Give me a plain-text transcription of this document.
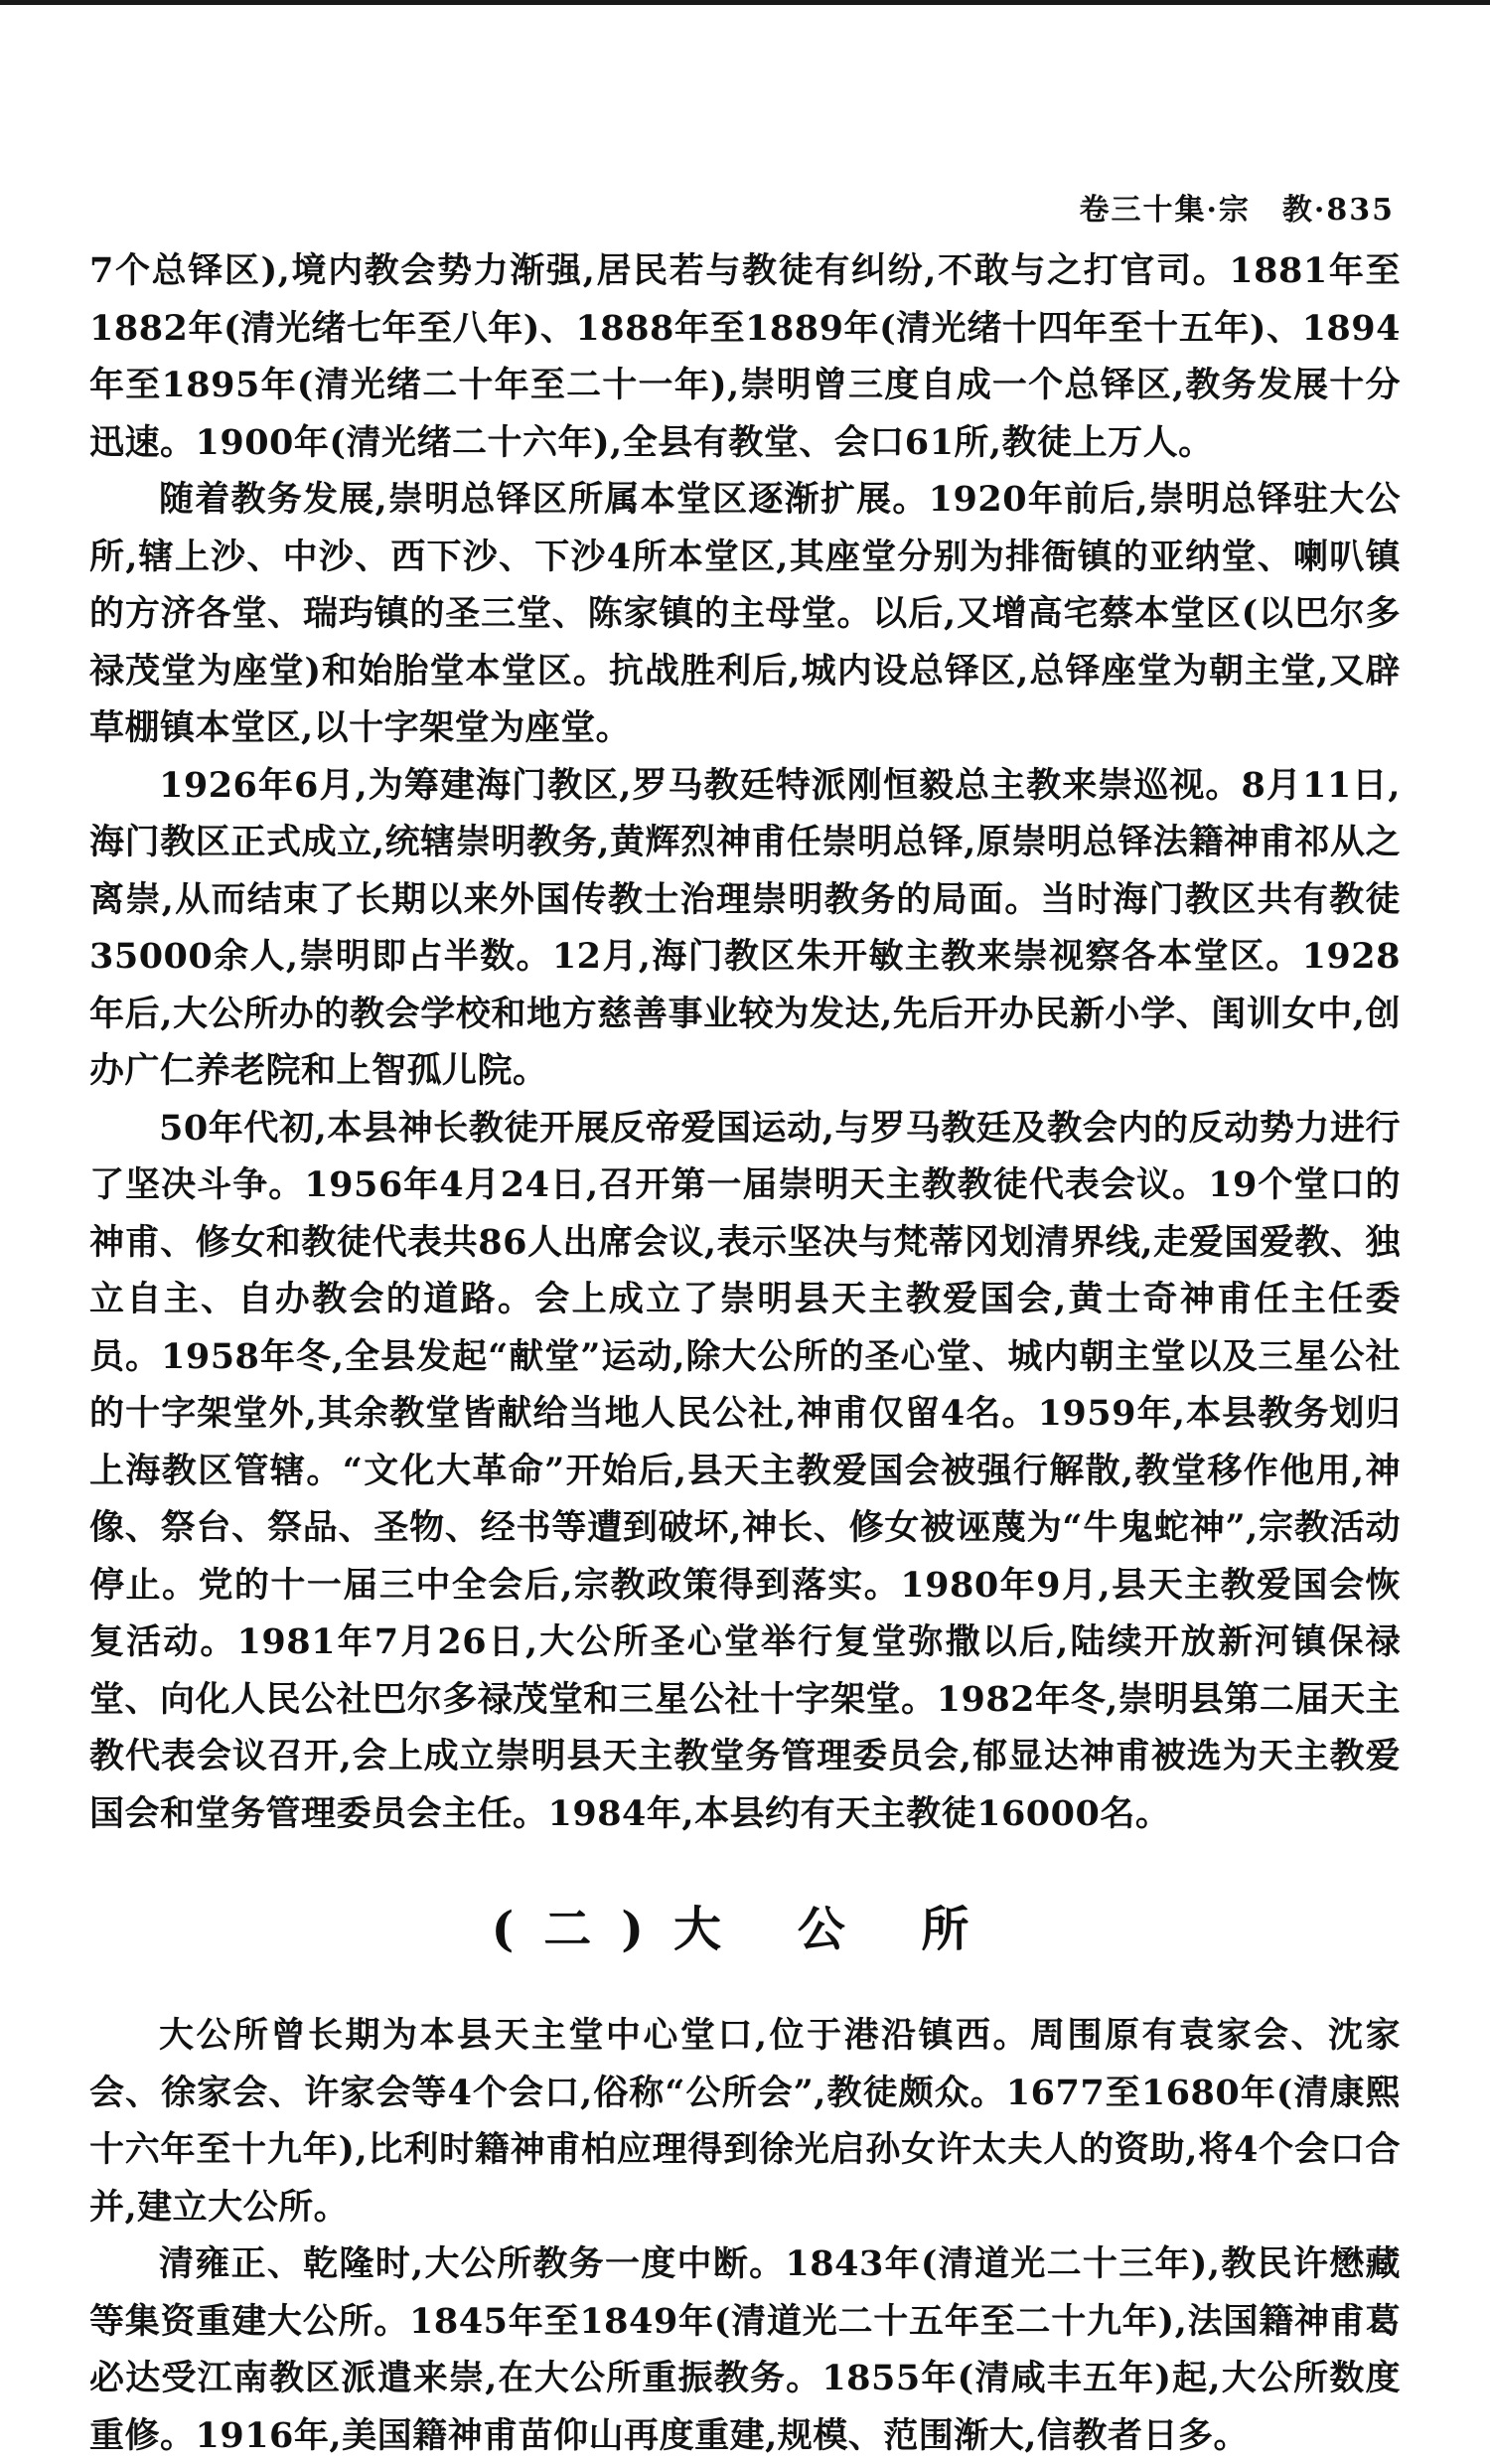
卷三十集·宗　教·835

7个总铎区),境内教会势力渐强,居民若与教徒有纠纷,不敢与之打官司。1881年至1882年(清光绪七年至八年)、1888年至1889年(清光绪十四年至十五年)、1894年至1895年(清光绪二十年至二十一年),崇明曾三度自成一个总铎区,教务发展十分迅速。1900年(清光绪二十六年),全县有教堂、会口61所,教徒上万人。

随着教务发展,崇明总铎区所属本堂区逐渐扩展。1920年前后,崇明总铎驻大公所,辖上沙、中沙、西下沙、下沙4所本堂区,其座堂分别为排衙镇的亚纳堂、喇叭镇的方济各堂、瑞玙镇的圣三堂、陈家镇的主母堂。以后,又增高宅蔡本堂区(以巴尔多禄茂堂为座堂)和始胎堂本堂区。抗战胜利后,城内设总铎区,总铎座堂为朝主堂,又辟草棚镇本堂区,以十字架堂为座堂。

1926年6月,为筹建海门教区,罗马教廷特派刚恒毅总主教来崇巡视。8月11日,海门教区正式成立,统辖崇明教务,黄辉烈神甫任崇明总铎,原崇明总铎法籍神甫祁从之离崇,从而结束了长期以来外国传教士治理崇明教务的局面。当时海门教区共有教徒35000余人,崇明即占半数。12月,海门教区朱开敏主教来崇视察各本堂区。1928年后,大公所办的教会学校和地方慈善事业较为发达,先后开办民新小学、闺训女中,创办广仁养老院和上智孤儿院。

50年代初,本县神长教徒开展反帝爱国运动,与罗马教廷及教会内的反动势力进行了坚决斗争。1956年4月24日,召开第一届崇明天主教教徒代表会议。19个堂口的神甫、修女和教徒代表共86人出席会议,表示坚决与梵蒂冈划清界线,走爱国爱教、独立自主、自办教会的道路。会上成立了崇明县天主教爱国会,黄士奇神甫任主任委员。1958年冬,全县发起“献堂”运动,除大公所的圣心堂、城内朝主堂以及三星公社的十字架堂外,其余教堂皆献给当地人民公社,神甫仅留4名。1959年,本县教务划归上海教区管辖。“文化大革命”开始后,县天主教爱国会被强行解散,教堂移作他用,神像、祭台、祭品、圣物、经书等遭到破坏,神长、修女被诬蔑为“牛鬼蛇神”,宗教活动停止。党的十一届三中全会后,宗教政策得到落实。1980年9月,县天主教爱国会恢复活动。1981年7月26日,大公所圣心堂举行复堂弥撒以后,陆续开放新河镇保禄堂、向化人民公社巴尔多禄茂堂和三星公社十字架堂。1982年冬,崇明县第二届天主教代表会议召开,会上成立崇明县天主教堂务管理委员会,郁显达神甫被选为天主教爱国会和堂务管理委员会主任。1984年,本县约有天主教徒16000名。

(二)大 公 所

大公所曾长期为本县天主堂中心堂口,位于港沿镇西。周围原有袁家会、沈家会、徐家会、许家会等4个会口,俗称“公所会”,教徒颇众。1677至1680年(清康熙十六年至十九年),比利时籍神甫柏应理得到徐光启孙女许太夫人的资助,将4个会口合并,建立大公所。

清雍正、乾隆时,大公所教务一度中断。1843年(清道光二十三年),教民许懋藏等集资重建大公所。1845年至1849年(清道光二十五年至二十九年),法国籍神甫葛必达受江南教区派遣来崇,在大公所重振教务。1855年(清咸丰五年)起,大公所数度重修。1916年,美国籍神甫苗仰山再度重建,规模、范围渐大,信教者日多。
